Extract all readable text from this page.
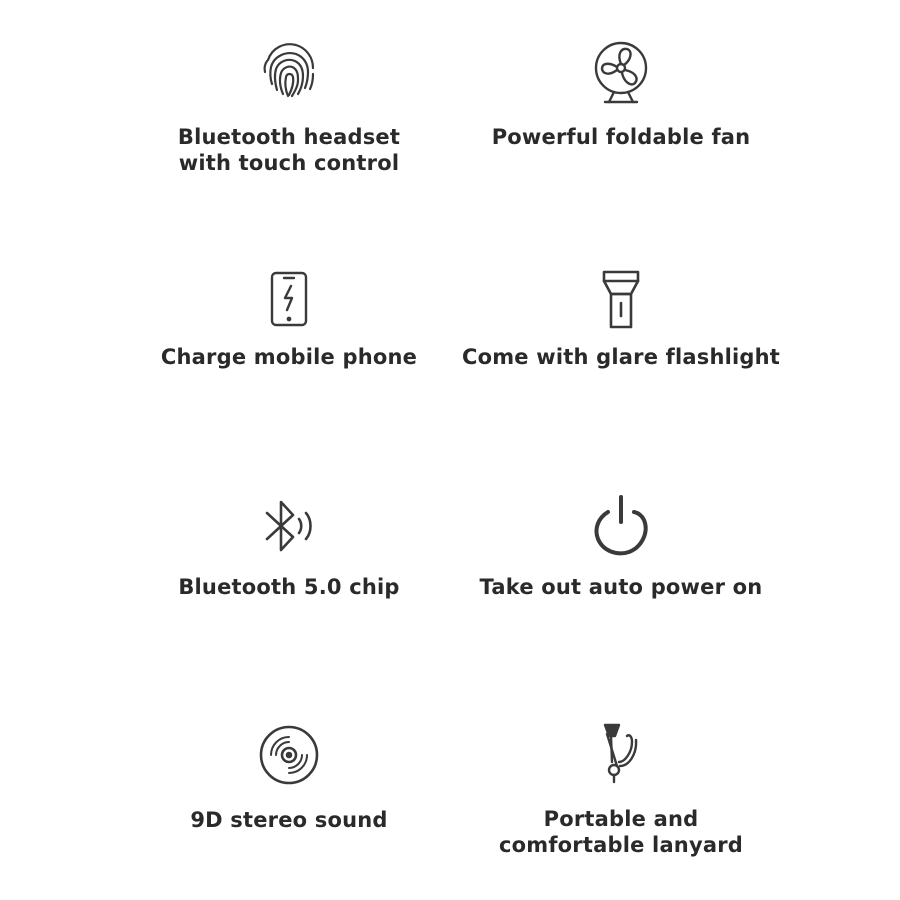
Bluetooth headset
with touch control
Powerful foldable fan
Charge mobile phone	Come with glare flashlight
Bluetooth 5.0 chip	Take out auto power on
9D stereo sound	Portable and
comfortable lanyard
